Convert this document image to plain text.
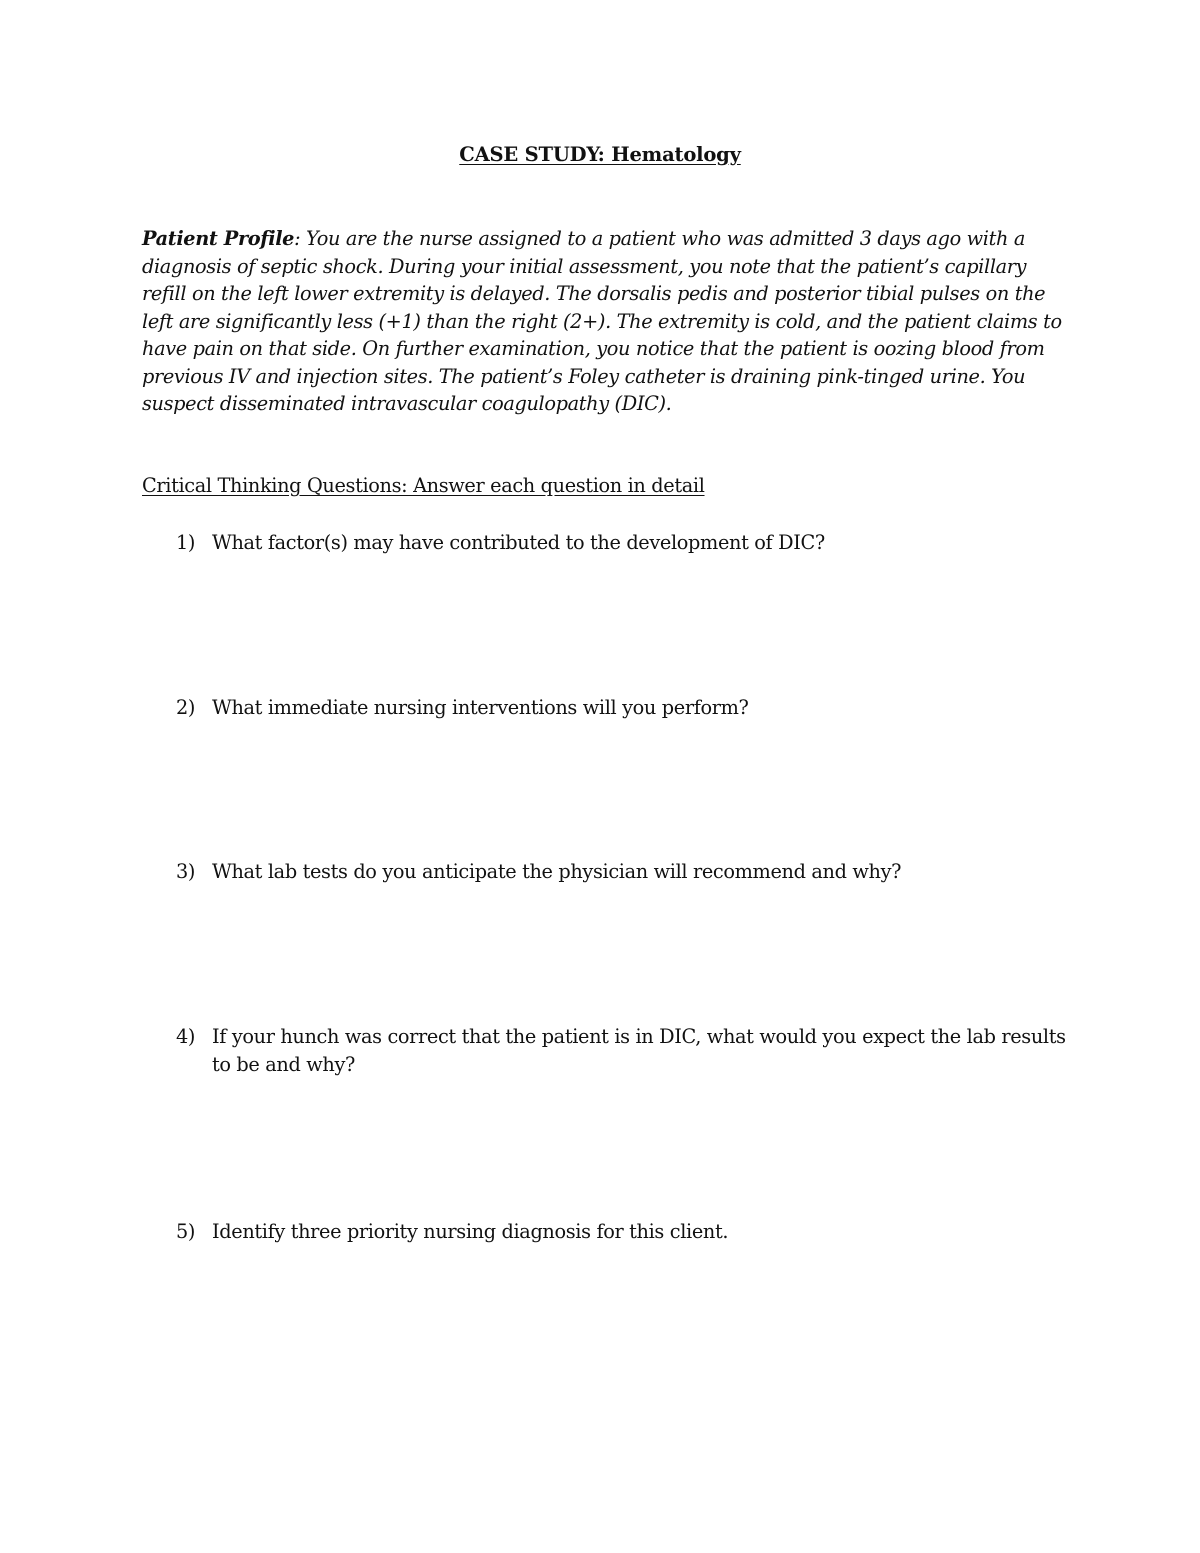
CASE STUDY: Hematology

Patient Profile: You are the nurse assigned to a patient who was admitted 3 days ago with a diagnosis of septic shock. During your initial assessment, you note that the patient’s capillary refill on the left lower extremity is delayed. The dorsalis pedis and posterior tibial pulses on the left are significantly less (+1) than the right (2+). The extremity is cold, and the patient claims to have pain on that side. On further examination, you notice that the patient is oozing blood from previous IV and injection sites. The patient’s Foley catheter is draining pink-tinged urine. You suspect disseminated intravascular coagulopathy (DIC).

Critical Thinking Questions: Answer each question in detail
1) What factor(s) may have contributed to the development of DIC?
2) What immediate nursing interventions will you perform?
3) What lab tests do you anticipate the physician will recommend and why?
4) If your hunch was correct that the patient is in DIC, what would you expect the lab results to be and why?
5) Identify three priority nursing diagnosis for this client.
